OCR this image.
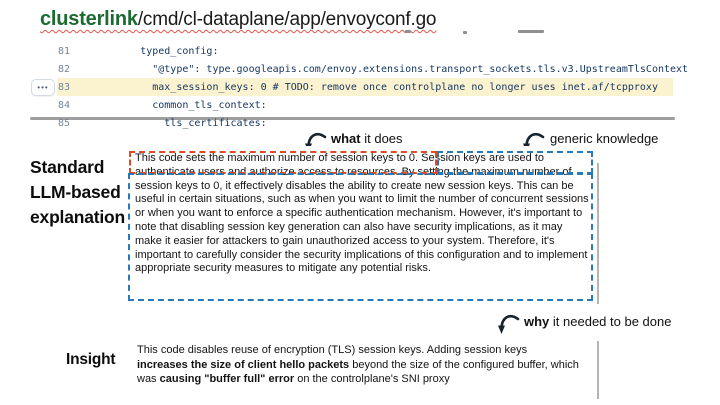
clusterlink/cmd/cl-dataplane/app/envoyconf.go
81	typed_config:
82	"@type": type.googleapis.com/envoy.extensions.transport_sockets.tls.v3.UpstreamTlsContext
83	max_session_keys: 0 # TODO: remove once controlplane no longer uses inet.af/tcpproxy
84	common_tls_context:
85	tls_certificates:
•••
what it does	generic knowledge
Standard LLM-based explanation
This code sets the maximum number of session keys to 0. Session keys are used to authenticate users and authorize access to resources. By setting the maximum number of session keys to 0, it effectively disables the ability to create new session keys. This can be useful in certain situations, such as when you want to limit the number of concurrent sessions or when you want to enforce a specific authentication mechanism. However, it's important to note that disabling session key generation can also have security implications, as it may make it easier for attackers to gain unauthorized access to your system. Therefore, it's important to carefully consider the security implications of this configuration and to implement appropriate security measures to mitigate any potential risks.
why it needed to be done
Insight
This code disables reuse of encryption (TLS) session keys. Adding session keys increases the size of client hello packets beyond the size of the configured buffer, which was causing "buffer full" error on the controlplane's SNI proxy
